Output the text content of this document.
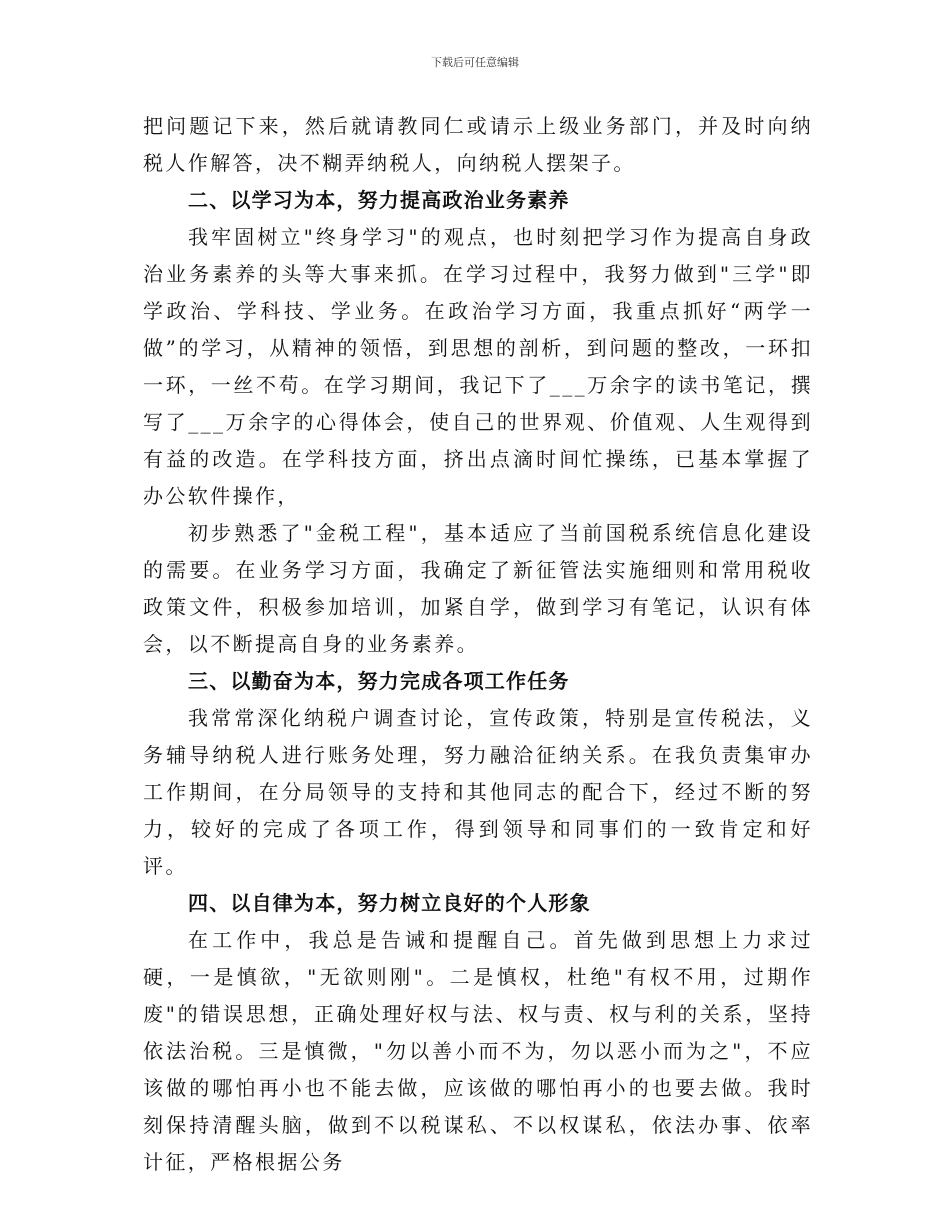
下载后可任意编辑

把问题记下来，然后就请教同仁或请示上级业务部门，并及时向纳税人作解答，决不糊弄纳税人，向纳税人摆架子。

二、以学习为本，努力提高政治业务素养

我牢固树立"终身学习"的观点，也时刻把学习作为提高自身政治业务素养的头等大事来抓。在学习过程中，我努力做到"三学"即学政治、学科技、学业务。在政治学习方面，我重点抓好“两学一做”的学习，从精神的领悟，到思想的剖析，到问题的整改，一环扣一环，一丝不苟。在学习期间，我记下了___万余字的读书笔记，撰写了___万余字的心得体会，使自己的世界观、价值观、人生观得到有益的改造。在学科技方面，挤出点滴时间忙操练，已基本掌握了办公软件操作，

初步熟悉了"金税工程"，基本适应了当前国税系统信息化建设的需要。在业务学习方面，我确定了新征管法实施细则和常用税收政策文件，积极参加培训，加紧自学，做到学习有笔记，认识有体会，以不断提高自身的业务素养。

三、以勤奋为本，努力完成各项工作任务

我常常深化纳税户调查讨论，宣传政策，特别是宣传税法，义务辅导纳税人进行账务处理，努力融洽征纳关系。在我负责集审办工作期间，在分局领导的支持和其他同志的配合下，经过不断的努力，较好的完成了各项工作，得到领导和同事们的一致肯定和好评。

四、以自律为本，努力树立良好的个人形象

在工作中，我总是告诫和提醒自己。首先做到思想上力求过硬，一是慎欲，"无欲则刚"。二是慎权，杜绝"有权不用，过期作废"的错误思想，正确处理好权与法、权与责、权与利的关系，坚持依法治税。三是慎微，"勿以善小而不为，勿以恶小而为之"，不应该做的哪怕再小也不能去做，应该做的哪怕再小的也要去做。我时刻保持清醒头脑，做到不以税谋私、不以权谋私，依法办事、依率计征，严格根据公务
